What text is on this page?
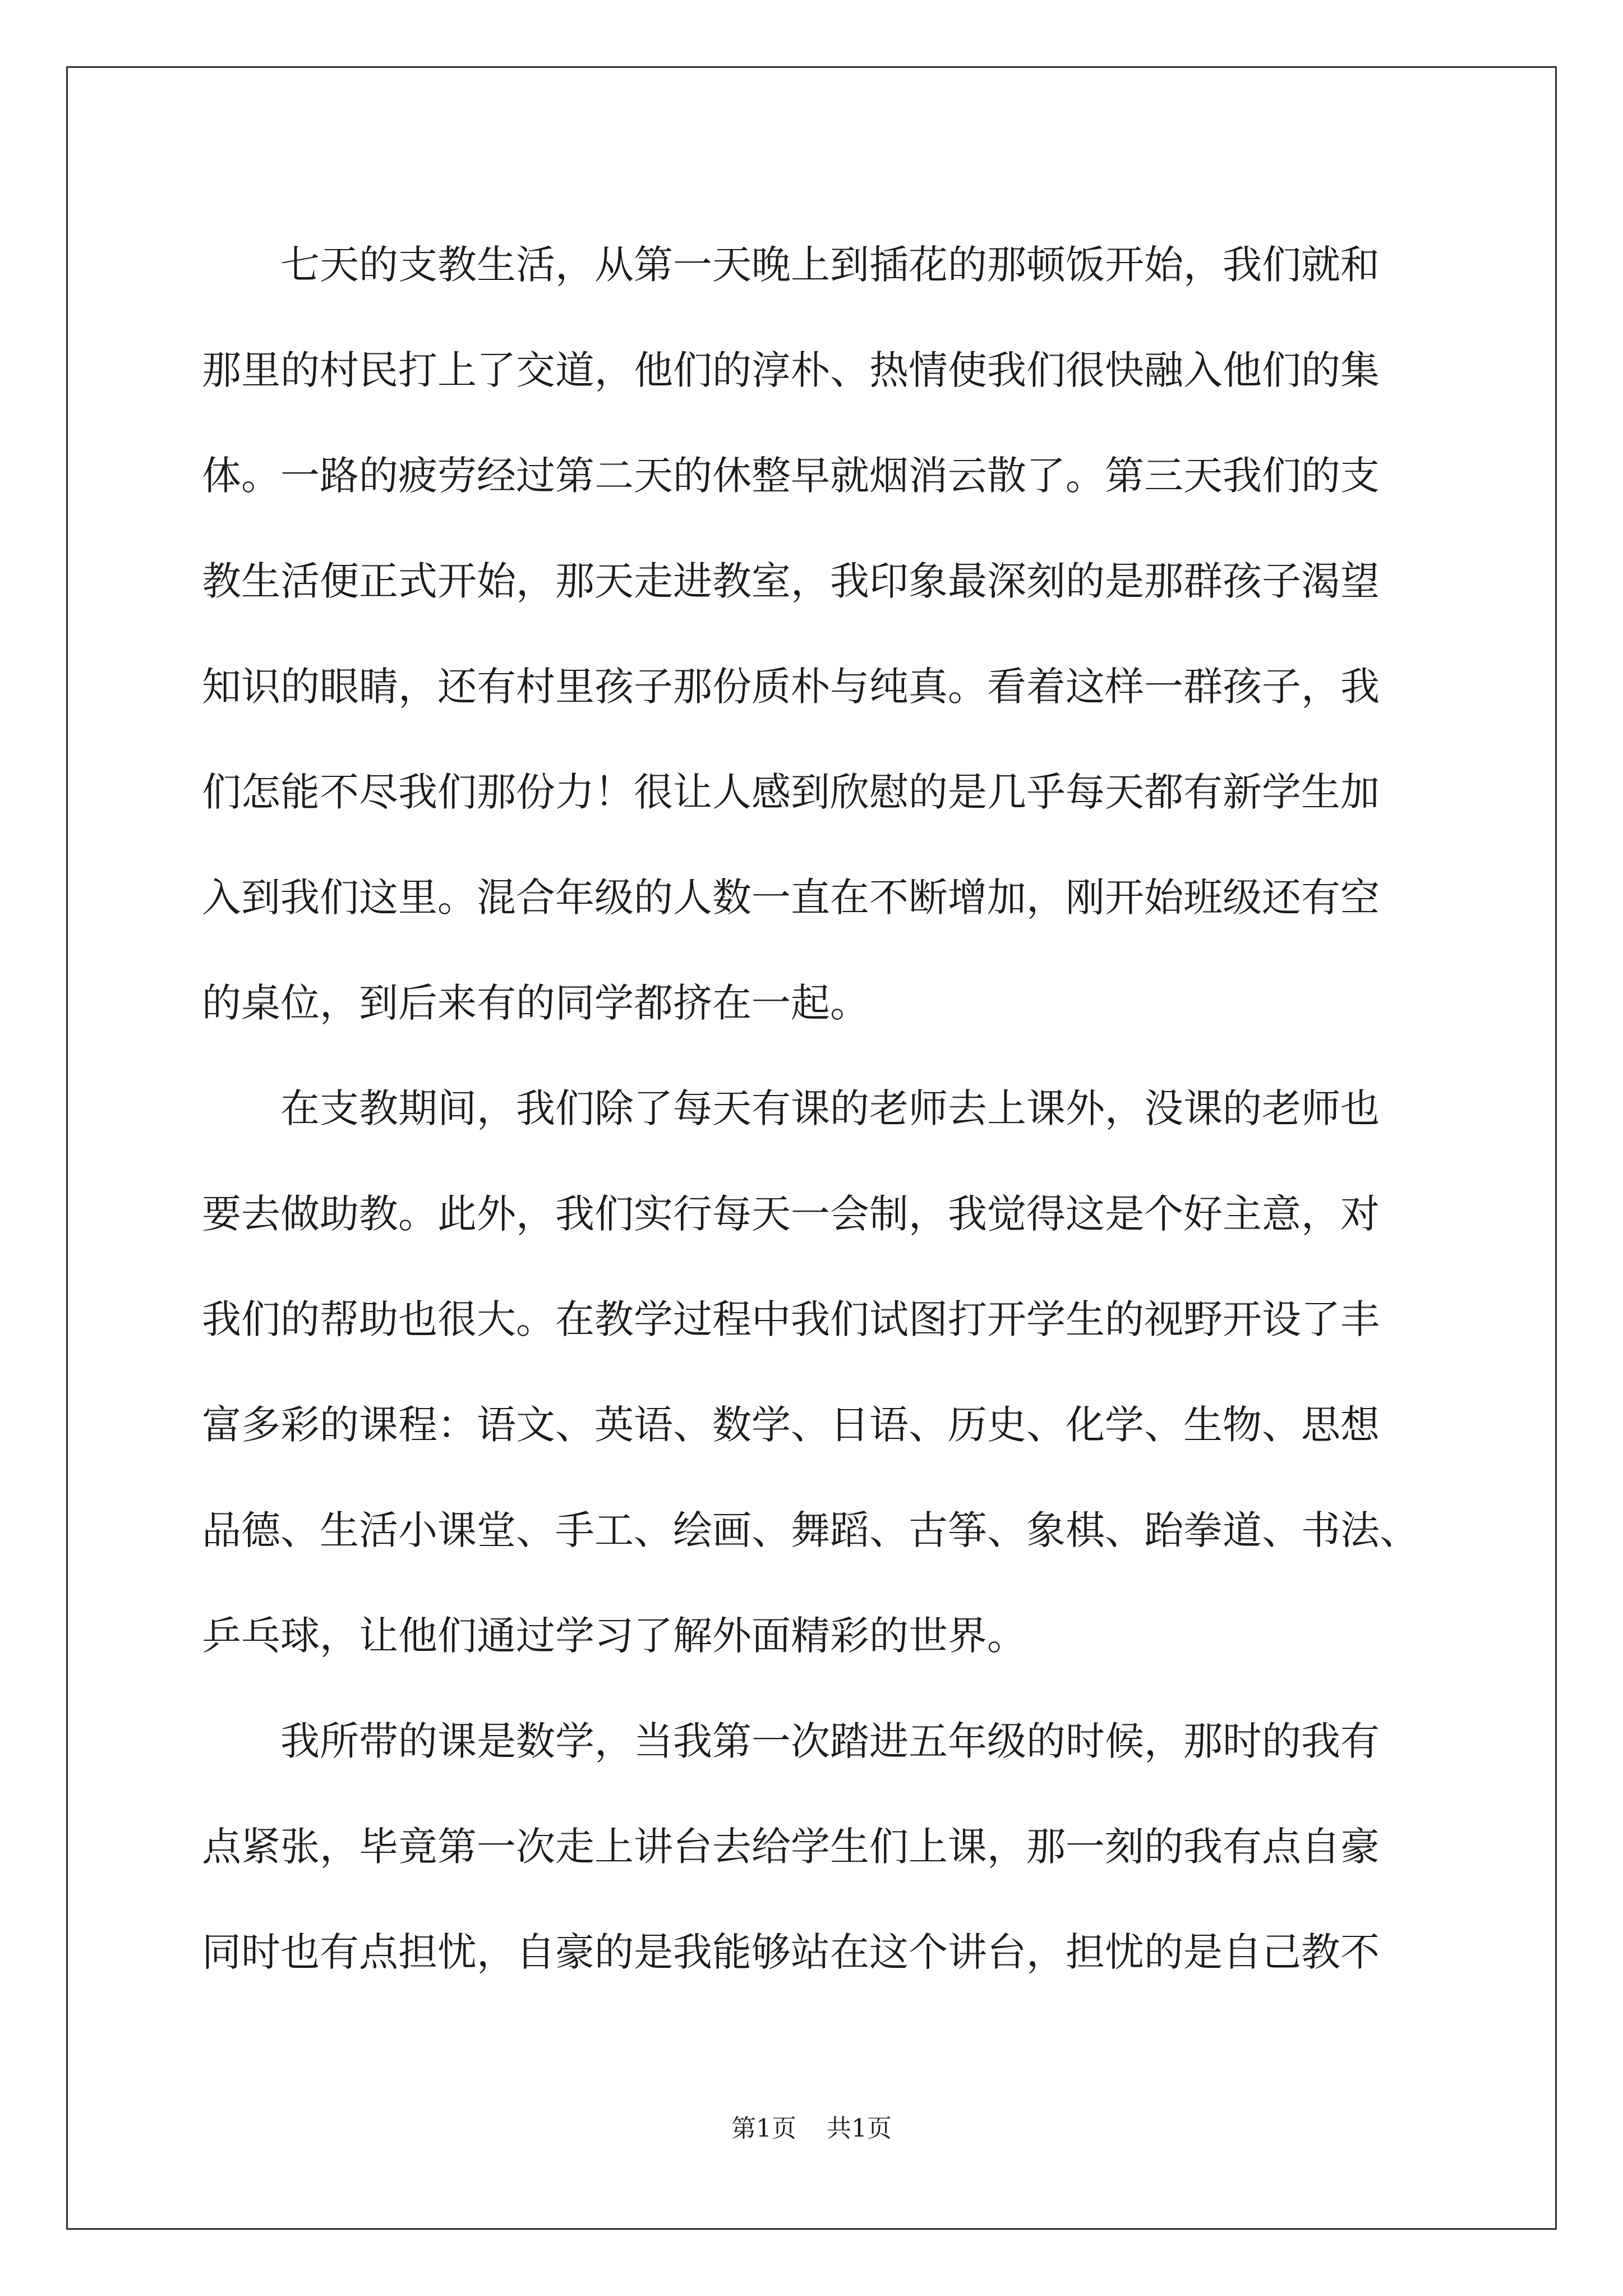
　　七天的支教生活，从第一天晚上到插花的那顿饭开始，我们就和
那里的村民打上了交道，他们的淳朴、热情使我们很快融入他们的集
体。一路的疲劳经过第二天的休整早就烟消云散了。第三天我们的支
教生活便正式开始，那天走进教室，我印象最深刻的是那群孩子渴望
知识的眼睛，还有村里孩子那份质朴与纯真。看着这样一群孩子，我
们怎能不尽我们那份力！很让人感到欣慰的是几乎每天都有新学生加
入到我们这里。混合年级的人数一直在不断增加，刚开始班级还有空
的桌位，到后来有的同学都挤在一起。
　　在支教期间，我们除了每天有课的老师去上课外，没课的老师也
要去做助教。此外，我们实行每天一会制，我觉得这是个好主意，对
我们的帮助也很大。在教学过程中我们试图打开学生的视野开设了丰
富多彩的课程：语文、英语、数学、日语、历史、化学、生物、思想
品德、生活小课堂、手工、绘画、舞蹈、古筝、象棋、跆拳道、书法、
乒乓球，让他们通过学习了解外面精彩的世界。
　　我所带的课是数学，当我第一次踏进五年级的时候，那时的我有
点紧张，毕竟第一次走上讲台去给学生们上课，那一刻的我有点自豪
同时也有点担忧，自豪的是我能够站在这个讲台，担忧的是自己教不
第1页 共1页
